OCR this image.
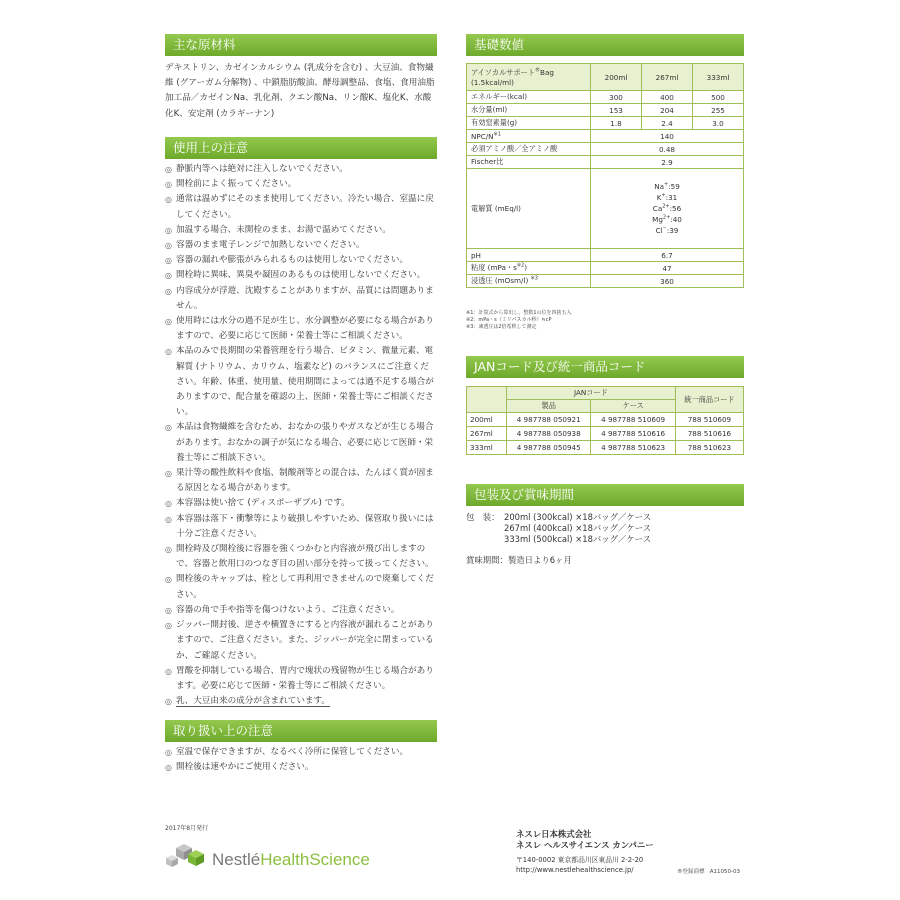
主な原材料
デキストリン、カゼインカルシウム (乳成分を含む) 、大豆油、食物繊維 (グアーガム分解物) 、中鎖脂肪酸油、酵母調整品、食塩、食用油脂加工品／カゼインNa、乳化剤、クエン酸Na、リン酸K、塩化K、水酸化K、安定剤 (カラギーナン)
使用上の注意
◎ 静脈内等へは絶対に注入しないでください。
◎ 開栓前によく振ってください。
◎ 通常は温めずにそのまま使用してください。冷たい場合、室温に戻してください。
◎ 加温する場合、未開栓のまま、お湯で温めてください。
◎ 容器のまま電子レンジで加熱しないでください。
◎ 容器の漏れや膨張がみられるものは使用しないでください。
◎ 開栓時に異味、異臭や凝固のあるものは使用しないでください。
◎ 内容成分が浮遊、沈殿することがありますが、品質には問題ありません。
◎ 使用時には水分の過不足が生じ、水分調整が必要になる場合がありますので、必要に応じて医師・栄養士等にご相談ください。
◎ 本品のみで長期間の栄養管理を行う場合、ビタミン、微量元素、電解質 (ナトリウム、カリウム、塩素など) のバランスにご注意ください。年齢、体重、使用量、使用期間によっては過不足する場合がありますので、配合量を確認の上、医師・栄養士等にご相談ください。
◎ 本品は食物繊維を含むため、おなかの張りやガスなどが生じる場合があります。おなかの調子が気になる場合、必要に応じて医師・栄養士等にご相談下さい。
◎ 果汁等の酸性飲料や食塩、制酸剤等との混合は、たんぱく質が固まる原因となる場合があります。
◎ 本容器は使い捨て (ディスポーザブル) です。
◎ 本容器は落下・衝撃等により破損しやすいため、保管取り扱いには十分ご注意ください。
◎ 開栓時及び開栓後に容器を強くつかむと内容液が飛び出しますので、容器と飲用口のつなぎ目の固い部分を持って扱ってください。
◎ 開栓後のキャップは、栓として再利用できませんので廃棄してください。
◎ 容器の角で手や指等を傷つけないよう、ご注意ください。
◎ ジッパー開封後、逆さや横置きにすると内容液が漏れることがありますので、ご注意ください。また、ジッパーが完全に閉まっているか、ご確認ください。
◎ 胃酸を抑制している場合、胃内で塊状の残留物が生じる場合があります。必要に応じて医師・栄養士等にご相談ください。
◎ 乳、大豆由来の成分が含まれています。
取り扱い上の注意
◎ 室温で保存できますが、なるべく冷所に保管してください。
◎ 開栓後は速やかにご使用ください。
基礎数値
アイソカルサポート®Bag
(1.5kcal/ml)	200ml	267ml	333ml
エネルギー(kcal)	300	400	500
水分量(ml)	153	204	255
有効窒素量(g)	1.8	2.4	3.0
NPC/$N^{※1}$	140		
必須アミノ酸／全アミノ酸	0.48		
Fischer比	2.9		
電解質 (mEq/l)	Na+:59
K+:31
$Ca^{2+}:56$
$Mg^{2+}:40$
Cl−:39		

pH	6.7		
粘度 (mPa・$s^{※2}$)	47		
浸透圧 (mOsm/l) $^{※3}$	360		
※1：計算式から算出し、整数1の位を四捨五入
※2：mPa・s（ミリパスカル秒）≒cP
※3：凍透圧は2倍希釈して測定
JANコード及び統一商品コード
	JANコード		統一商品コード
	製品	ケース	
200ml	4 987788 050921	4 987788 510609	788 510609
267ml	4 987788 050938	4 987788 510616	788 510616
333ml	4 987788 050945	4 987788 510623	788 510623
包装及び賞味期間
包　装： 200ml (300kcal) ×18バッグ／ケース
267ml (400kcal) ×18バッグ／ケース
333ml (500kcal) ×18バッグ／ケース
賞味期間：製造日より6ヶ月
2017年8月発行
NestléHealthScience
ネスレ日本株式会社
ネスレ ヘルスサイエンス カンパニー
〒140-0002 東京都品川区東品川 2-2-20
http://www.nestlehealthscience.jp/	®登録商標 A11050-03
